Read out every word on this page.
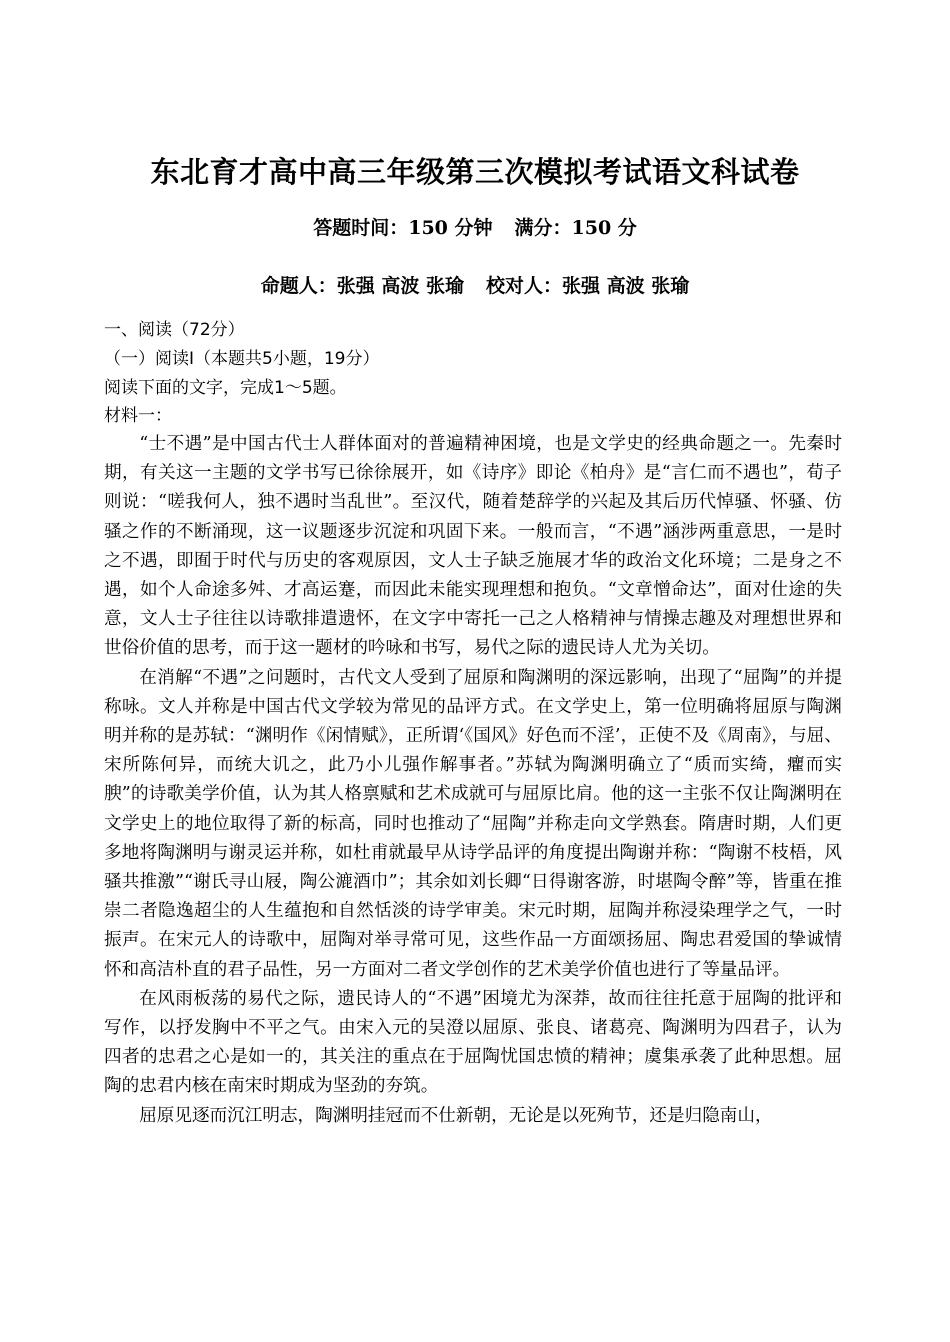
东北育才高中高三年级第三次模拟考试语文科试卷
答题时间：150 分钟 满分：150 分
命题人：张强 高波 张瑜 校对人：张强 高波 张瑜
一、阅读（72分）
（一）阅读Ⅰ（本题共5小题，19分）
阅读下面的文字，完成1～5题。
材料一：

“士不遇”是中国古代士人群体面对的普遍精神困境，也是文学史的经典命题之一。先秦时期，有关这一主题的文学书写已徐徐展开，如《诗序》即论《柏舟》是“言仁而不遇也”，荀子则说：“嗟我何人，独不遇时当乱世”。至汉代，随着楚辞学的兴起及其后历代悼骚、怀骚、仿骚之作的不断涌现，这一议题逐步沉淀和巩固下来。一般而言，“不遇”涵涉两重意思，一是时之不遇，即囿于时代与历史的客观原因，文人士子缺乏施展才华的政治文化环境；二是身之不遇，如个人命途多舛、才高运蹇，而因此未能实现理想和抱负。“文章憎命达”，面对仕途的失意，文人士子往往以诗歌排遣遗怀，在文字中寄托一己之人格精神与情操志趣及对理想世界和世俗价值的思考，而于这一题材的吟咏和书写，易代之际的遗民诗人尤为关切。

在消解“不遇”之问题时，古代文人受到了屈原和陶渊明的深远影响，出现了“屈陶”的并提称咏。文人并称是中国古代文学较为常见的品评方式。在文学史上，第一位明确将屈原与陶渊明并称的是苏轼：“渊明作《闲情赋》，正所谓‘《国风》好色而不淫’，正使不及《周南》，与屈、宋所陈何异，而统大讥之，此乃小儿强作解事者。”苏轼为陶渊明确立了“质而实绮，癯而实腴”的诗歌美学价值，认为其人格禀赋和艺术成就可与屈原比肩。他的这一主张不仅让陶渊明在文学史上的地位取得了新的标高，同时也推动了“屈陶”并称走向文学熟套。隋唐时期，人们更多地将陶渊明与谢灵运并称，如杜甫就最早从诗学品评的角度提出陶谢并称：“陶谢不枝梧，风骚共推激”“谢氏寻山屐，陶公漉酒巾”；其余如刘长卿“日得谢客游，时堪陶令醉”等，皆重在推崇二者隐逸超尘的人生蕴抱和自然恬淡的诗学审美。宋元时期，屈陶并称浸染理学之气，一时振声。在宋元人的诗歌中，屈陶对举寻常可见，这些作品一方面颂扬屈、陶忠君爱国的挚诚情怀和高洁朴直的君子品性，另一方面对二者文学创作的艺术美学价值也进行了等量品评。

在风雨板荡的易代之际，遗民诗人的“不遇”困境尤为深莽，故而往往托意于屈陶的批评和写作，以抒发胸中不平之气。由宋入元的吴澄以屈原、张良、诸葛亮、陶渊明为四君子，认为四者的忠君之心是如一的，其关注的重点在于屈陶忧国忠愤的精神；虞集承袭了此种思想。屈陶的忠君内核在南宋时期成为坚劲的夯筑。

屈原见逐而沉江明志，陶渊明挂冠而不仕新朝，无论是以死殉节，还是归隐南山，
